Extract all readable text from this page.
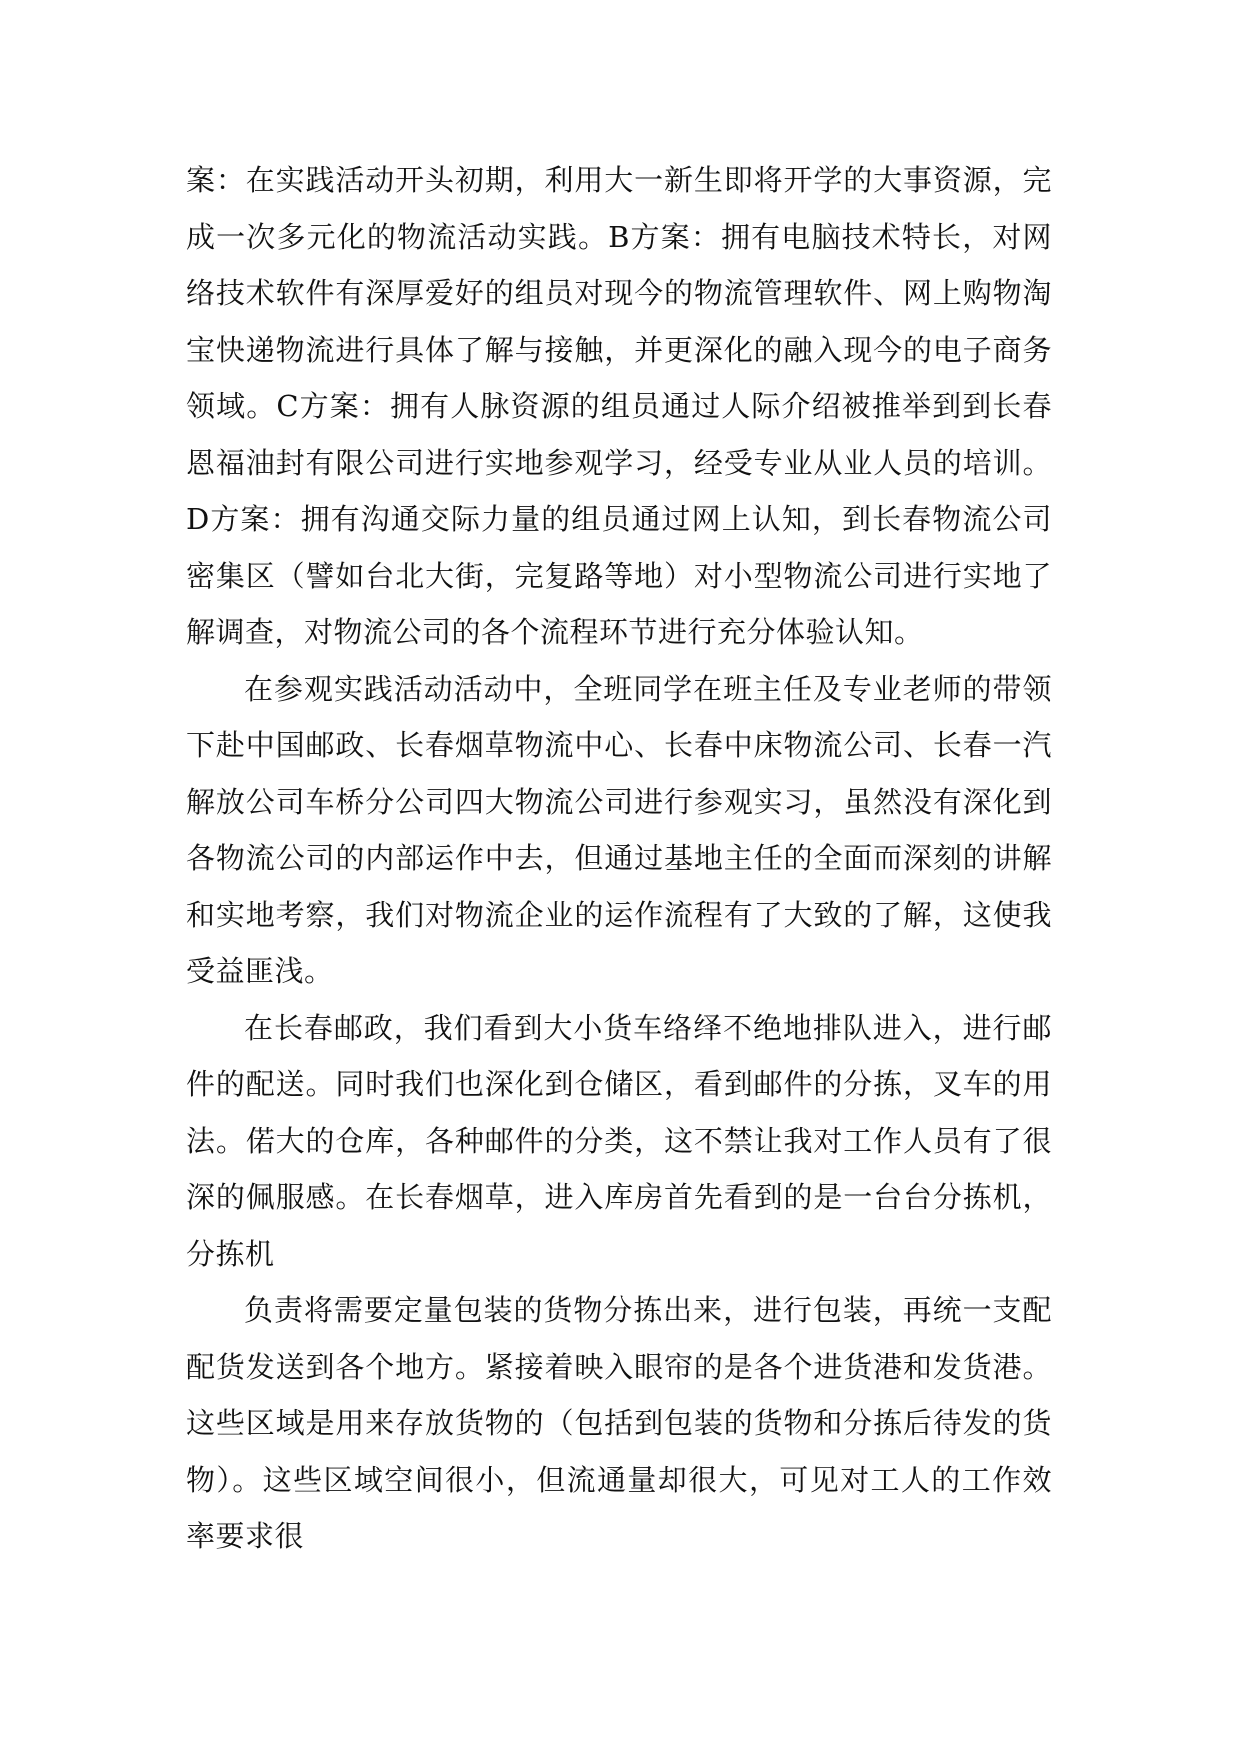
案：在实践活动开头初期，利用大一新生即将开学的大事资源，完成一次多元化的物流活动实践。B方案：拥有电脑技术特长，对网络技术软件有深厚爱好的组员对现今的物流管理软件、网上购物淘宝快递物流进行具体了解与接触，并更深化的融入现今的电子商务领域。C方案：拥有人脉资源的组员通过人际介绍被推举到到长春恩福油封有限公司进行实地参观学习，经受专业从业人员的培训。D方案：拥有沟通交际力量的组员通过网上认知，到长春物流公司密集区（譬如台北大街，完复路等地）对小型物流公司进行实地了解调查，对物流公司的各个流程环节进行充分体验认知。

在参观实践活动活动中，全班同学在班主任及专业老师的带领下赴中国邮政、长春烟草物流中心、长春中床物流公司、长春一汽解放公司车桥分公司四大物流公司进行参观实习，虽然没有深化到各物流公司的内部运作中去，但通过基地主任的全面而深刻的讲解和实地考察，我们对物流企业的运作流程有了大致的了解，这使我受益匪浅。

在长春邮政，我们看到大小货车络绎不绝地排队进入，进行邮件的配送。同时我们也深化到仓储区，看到邮件的分拣，叉车的用法。偌大的仓库，各种邮件的分类，这不禁让我对工作人员有了很深的佩服感。在长春烟草，进入库房首先看到的是一台台分拣机，分拣机

负责将需要定量包装的货物分拣出来，进行包装，再统一支配配货发送到各个地方。紧接着映入眼帘的是各个进货港和发货港。这些区域是用来存放货物的（包括到包装的货物和分拣后待发的货物）。这些区域空间很小，但流通量却很大，可见对工人的工作效率要求很
